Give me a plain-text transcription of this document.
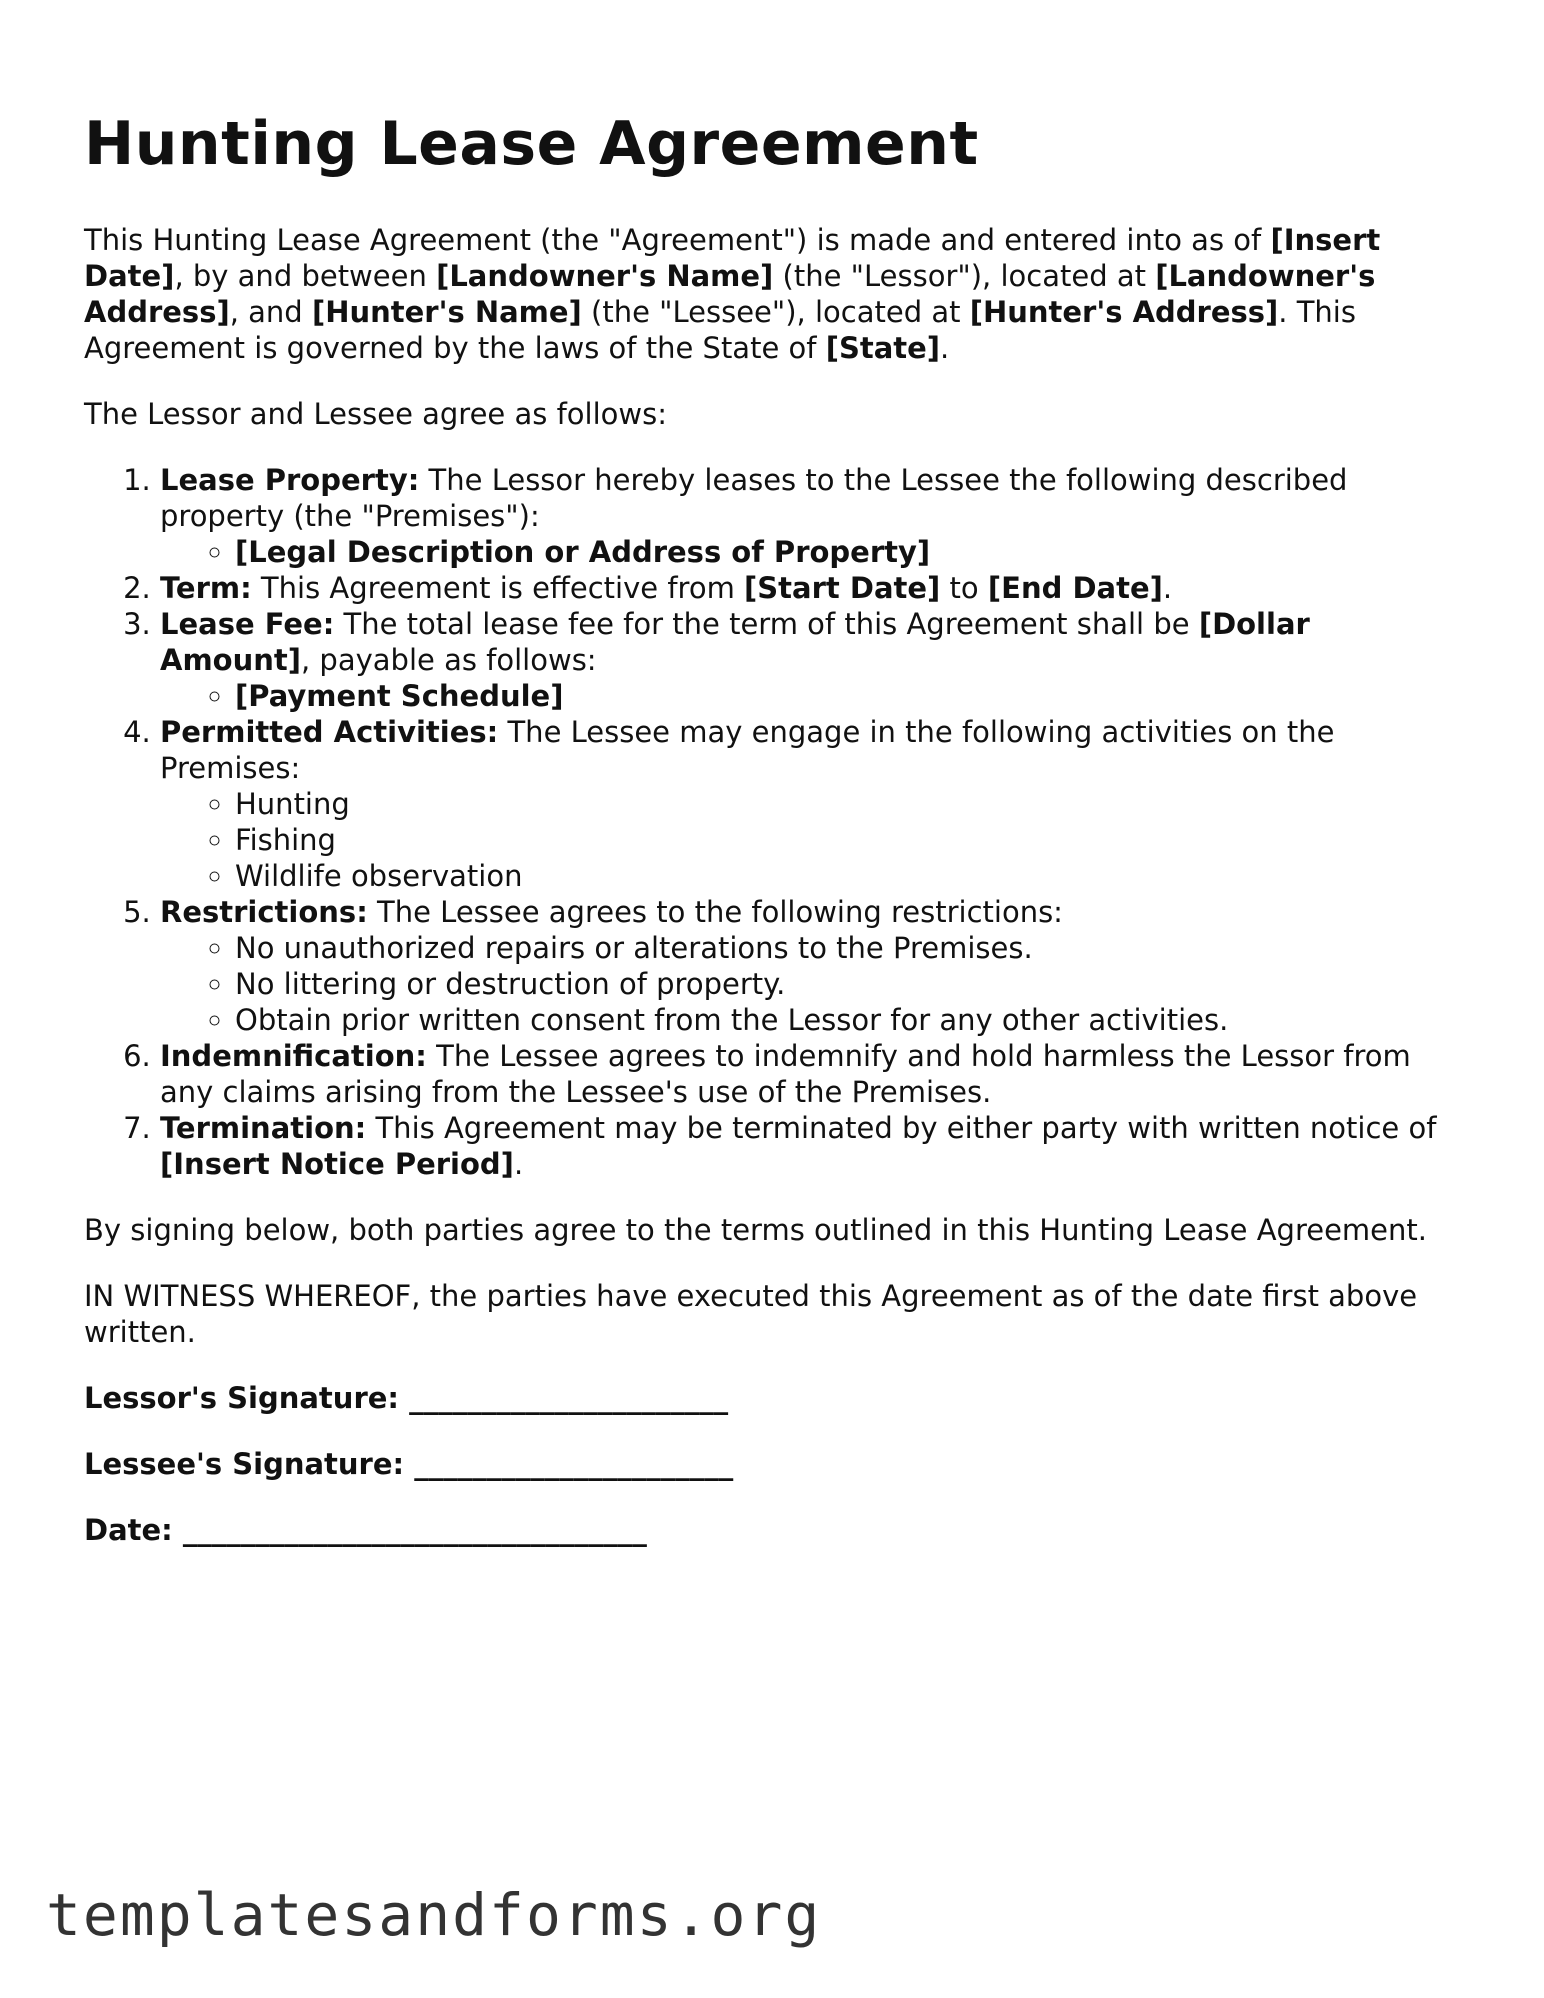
Hunting Lease Agreement

This Hunting Lease Agreement (the "Agreement") is made and entered into as of [Insert Date], by and between [Landowner's Name] (the "Lessor"), located at [Landowner's Address], and [Hunter's Name] (the "Lessee"), located at [Hunter's Address]. This Agreement is governed by the laws of the State of [State].

The Lessor and Lessee agree as follows:

1. Lease Property: The Lessor hereby leases to the Lessee the following described property (the "Premises"):
◦ [Legal Description or Address of Property]
2. Term: This Agreement is effective from [Start Date] to [End Date].
3. Lease Fee: The total lease fee for the term of this Agreement shall be [Dollar Amount], payable as follows:
◦ [Payment Schedule]
4. Permitted Activities: The Lessee may engage in the following activities on the Premises:
◦ Hunting
◦ Fishing
◦ Wildlife observation
5. Restrictions: The Lessee agrees to the following restrictions:
◦ No unauthorized repairs or alterations to the Premises.
◦ No littering or destruction of property.
◦ Obtain prior written consent from the Lessor for any other activities.
6. Indemnification: The Lessee agrees to indemnify and hold harmless the Lessor from any claims arising from the Lessee's use of the Premises.
7. Termination: This Agreement may be terminated by either party with written notice of [Insert Notice Period].

By signing below, both parties agree to the terms outlined in this Hunting Lease Agreement.

IN WITNESS WHEREOF, the parties have executed this Agreement as of the date first above written.

Lessor's Signature: ______________________
Lessee's Signature: ______________________
Date: ________________________________
templatesandforms.org
